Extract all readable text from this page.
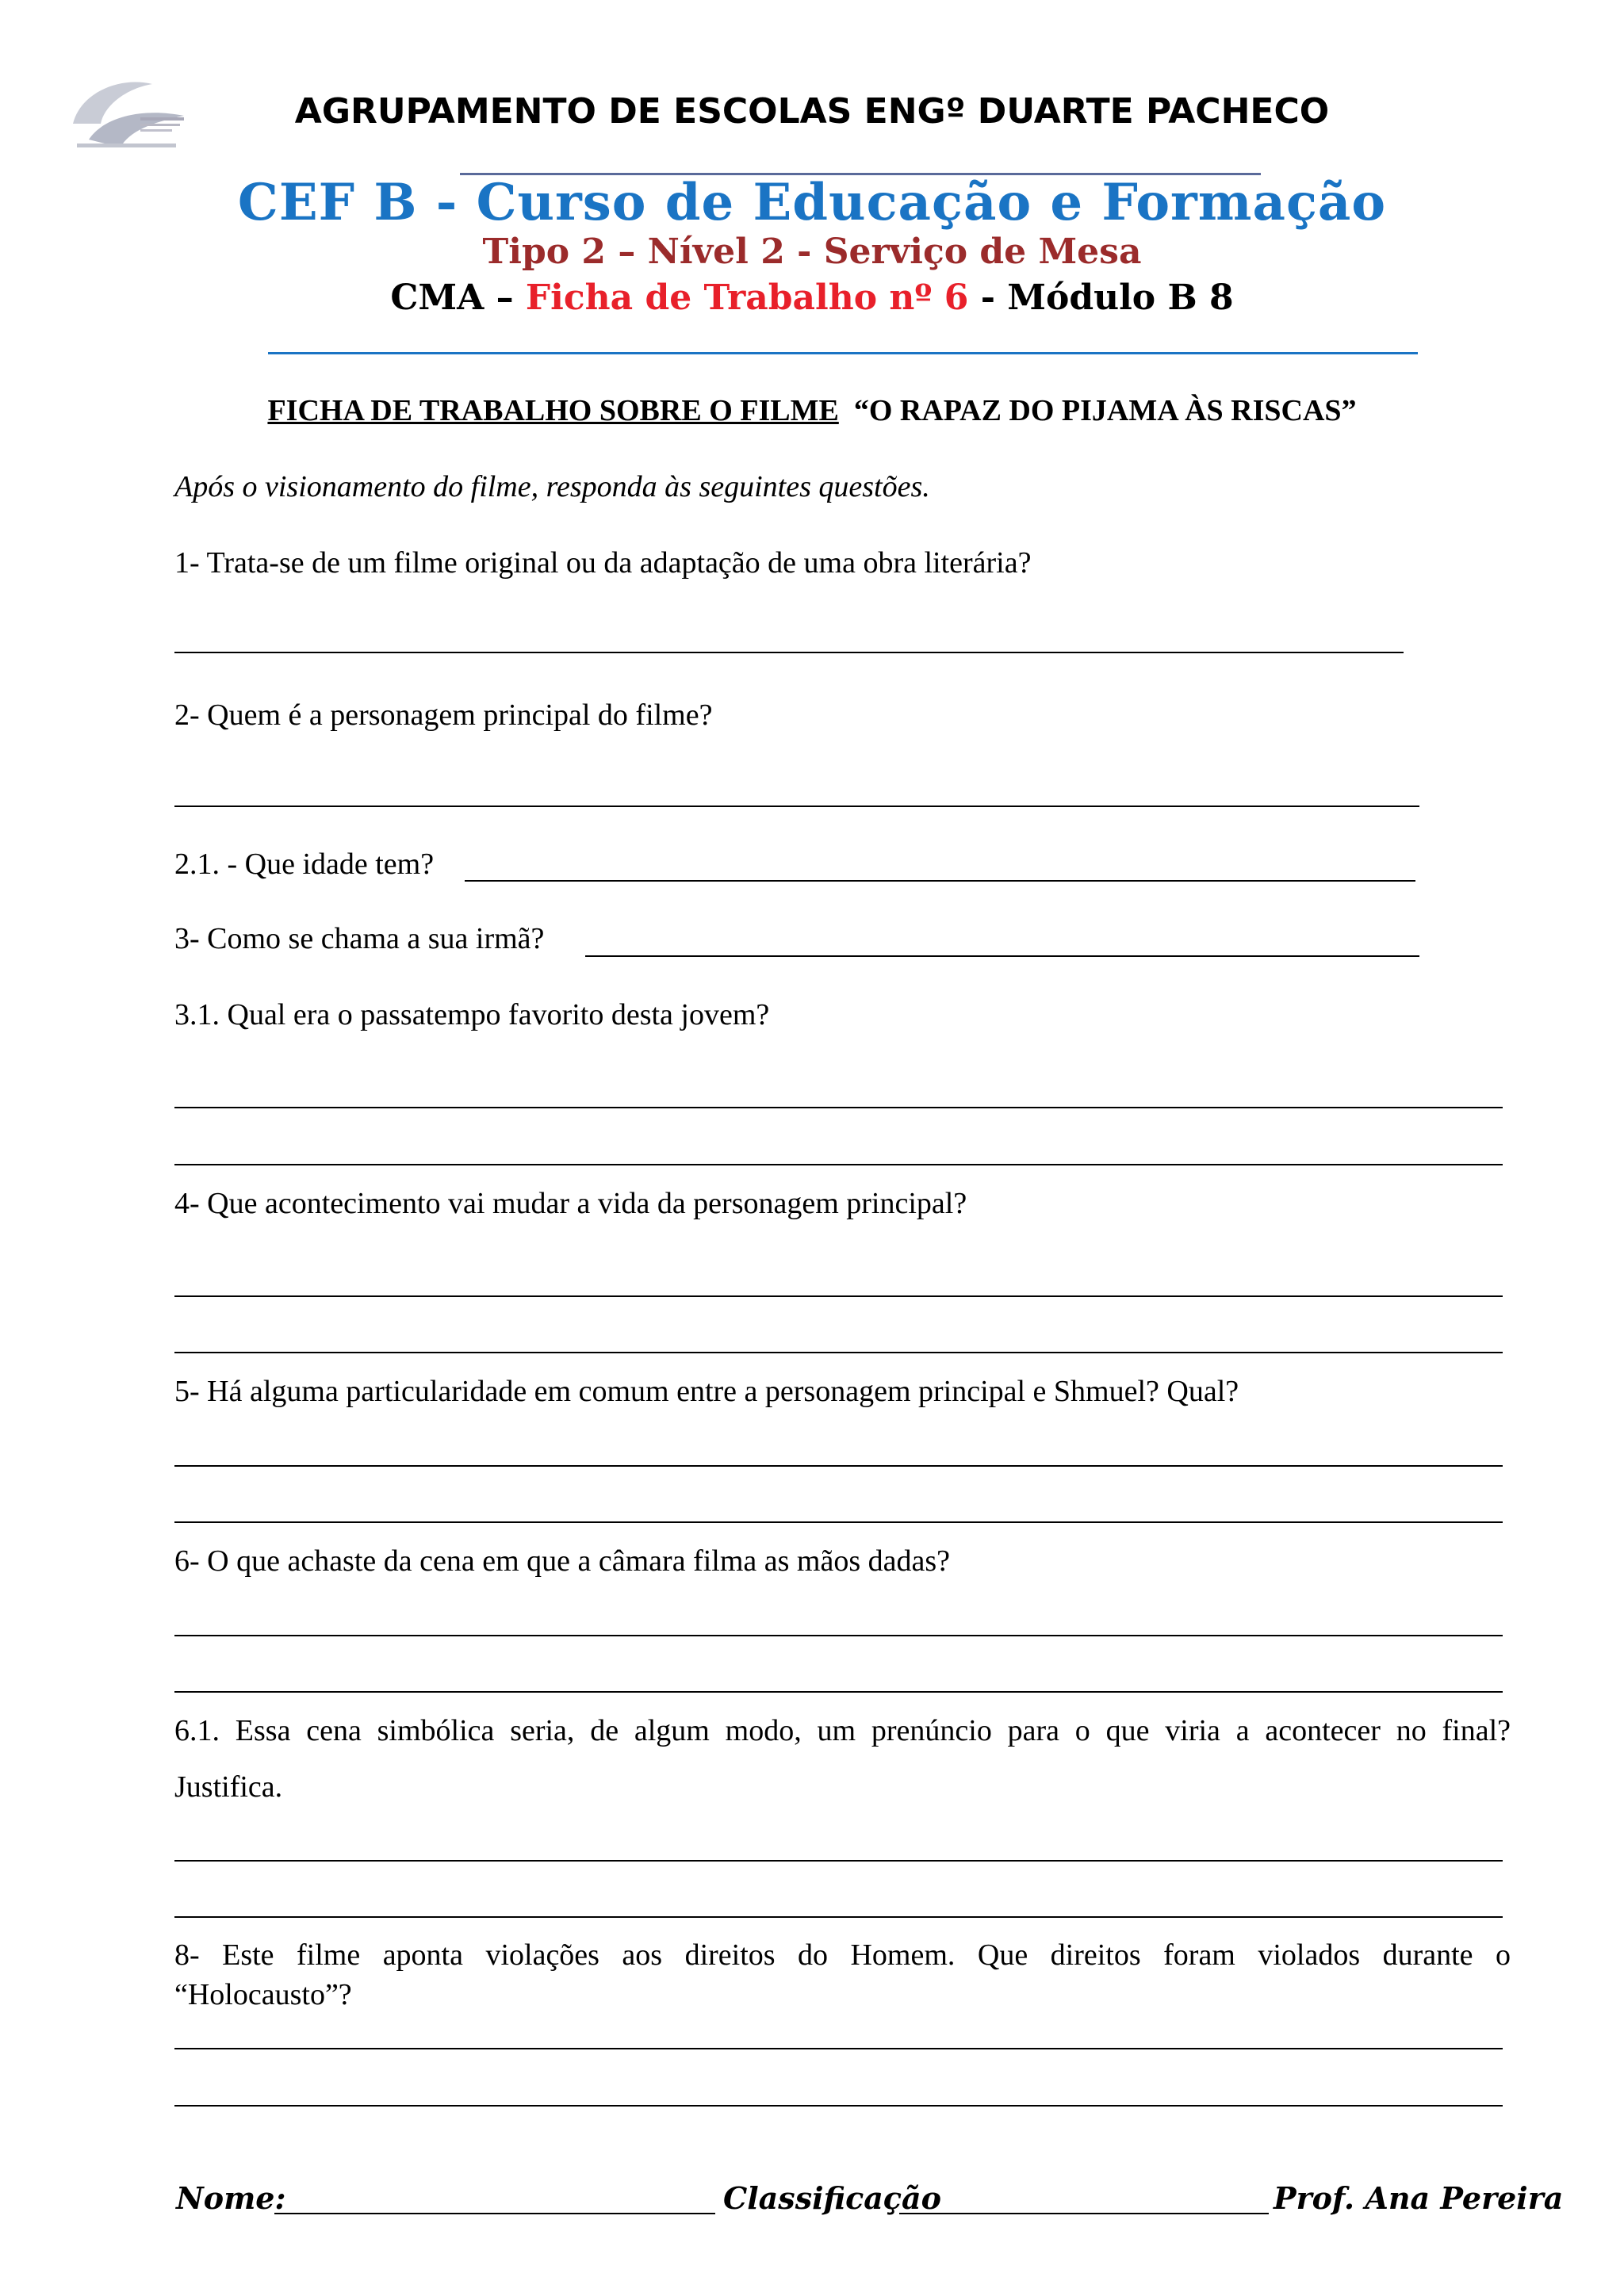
AGRUPAMENTO DE ESCOLAS ENGº DUARTE PACHECO
CEF B - Curso de Educação e Formação
Tipo 2 – Nível 2 - Serviço de Mesa
CMA – Ficha de Trabalho nº 6 - Módulo B 8
FICHA DE TRABALHO SOBRE O FILME “O RAPAZ DO PIJAMA ÀS RISCAS”
Após o visionamento do filme, responda às seguintes questões.
1- Trata-se de um filme original ou da adaptação de uma obra literária?
2- Quem é a personagem principal do filme?
2.1. - Que idade tem?
3- Como se chama a sua irmã?
3.1. Qual era o passatempo favorito desta jovem?
4- Que acontecimento vai mudar a vida da personagem principal?
5- Há alguma particularidade em comum entre a personagem principal e Shmuel? Qual?
6- O que achaste da cena em que a câmara filma as mãos dadas?
6.1. Essa cena simbólica seria, de algum modo, um prenúncio para o que viria a acontecer no final?
Justifica.
8- Este filme aponta violações aos direitos do Homem. Que direitos foram violados durante o
“Holocausto”?
Nome:	Classificação	Prof. Ana Pereira
